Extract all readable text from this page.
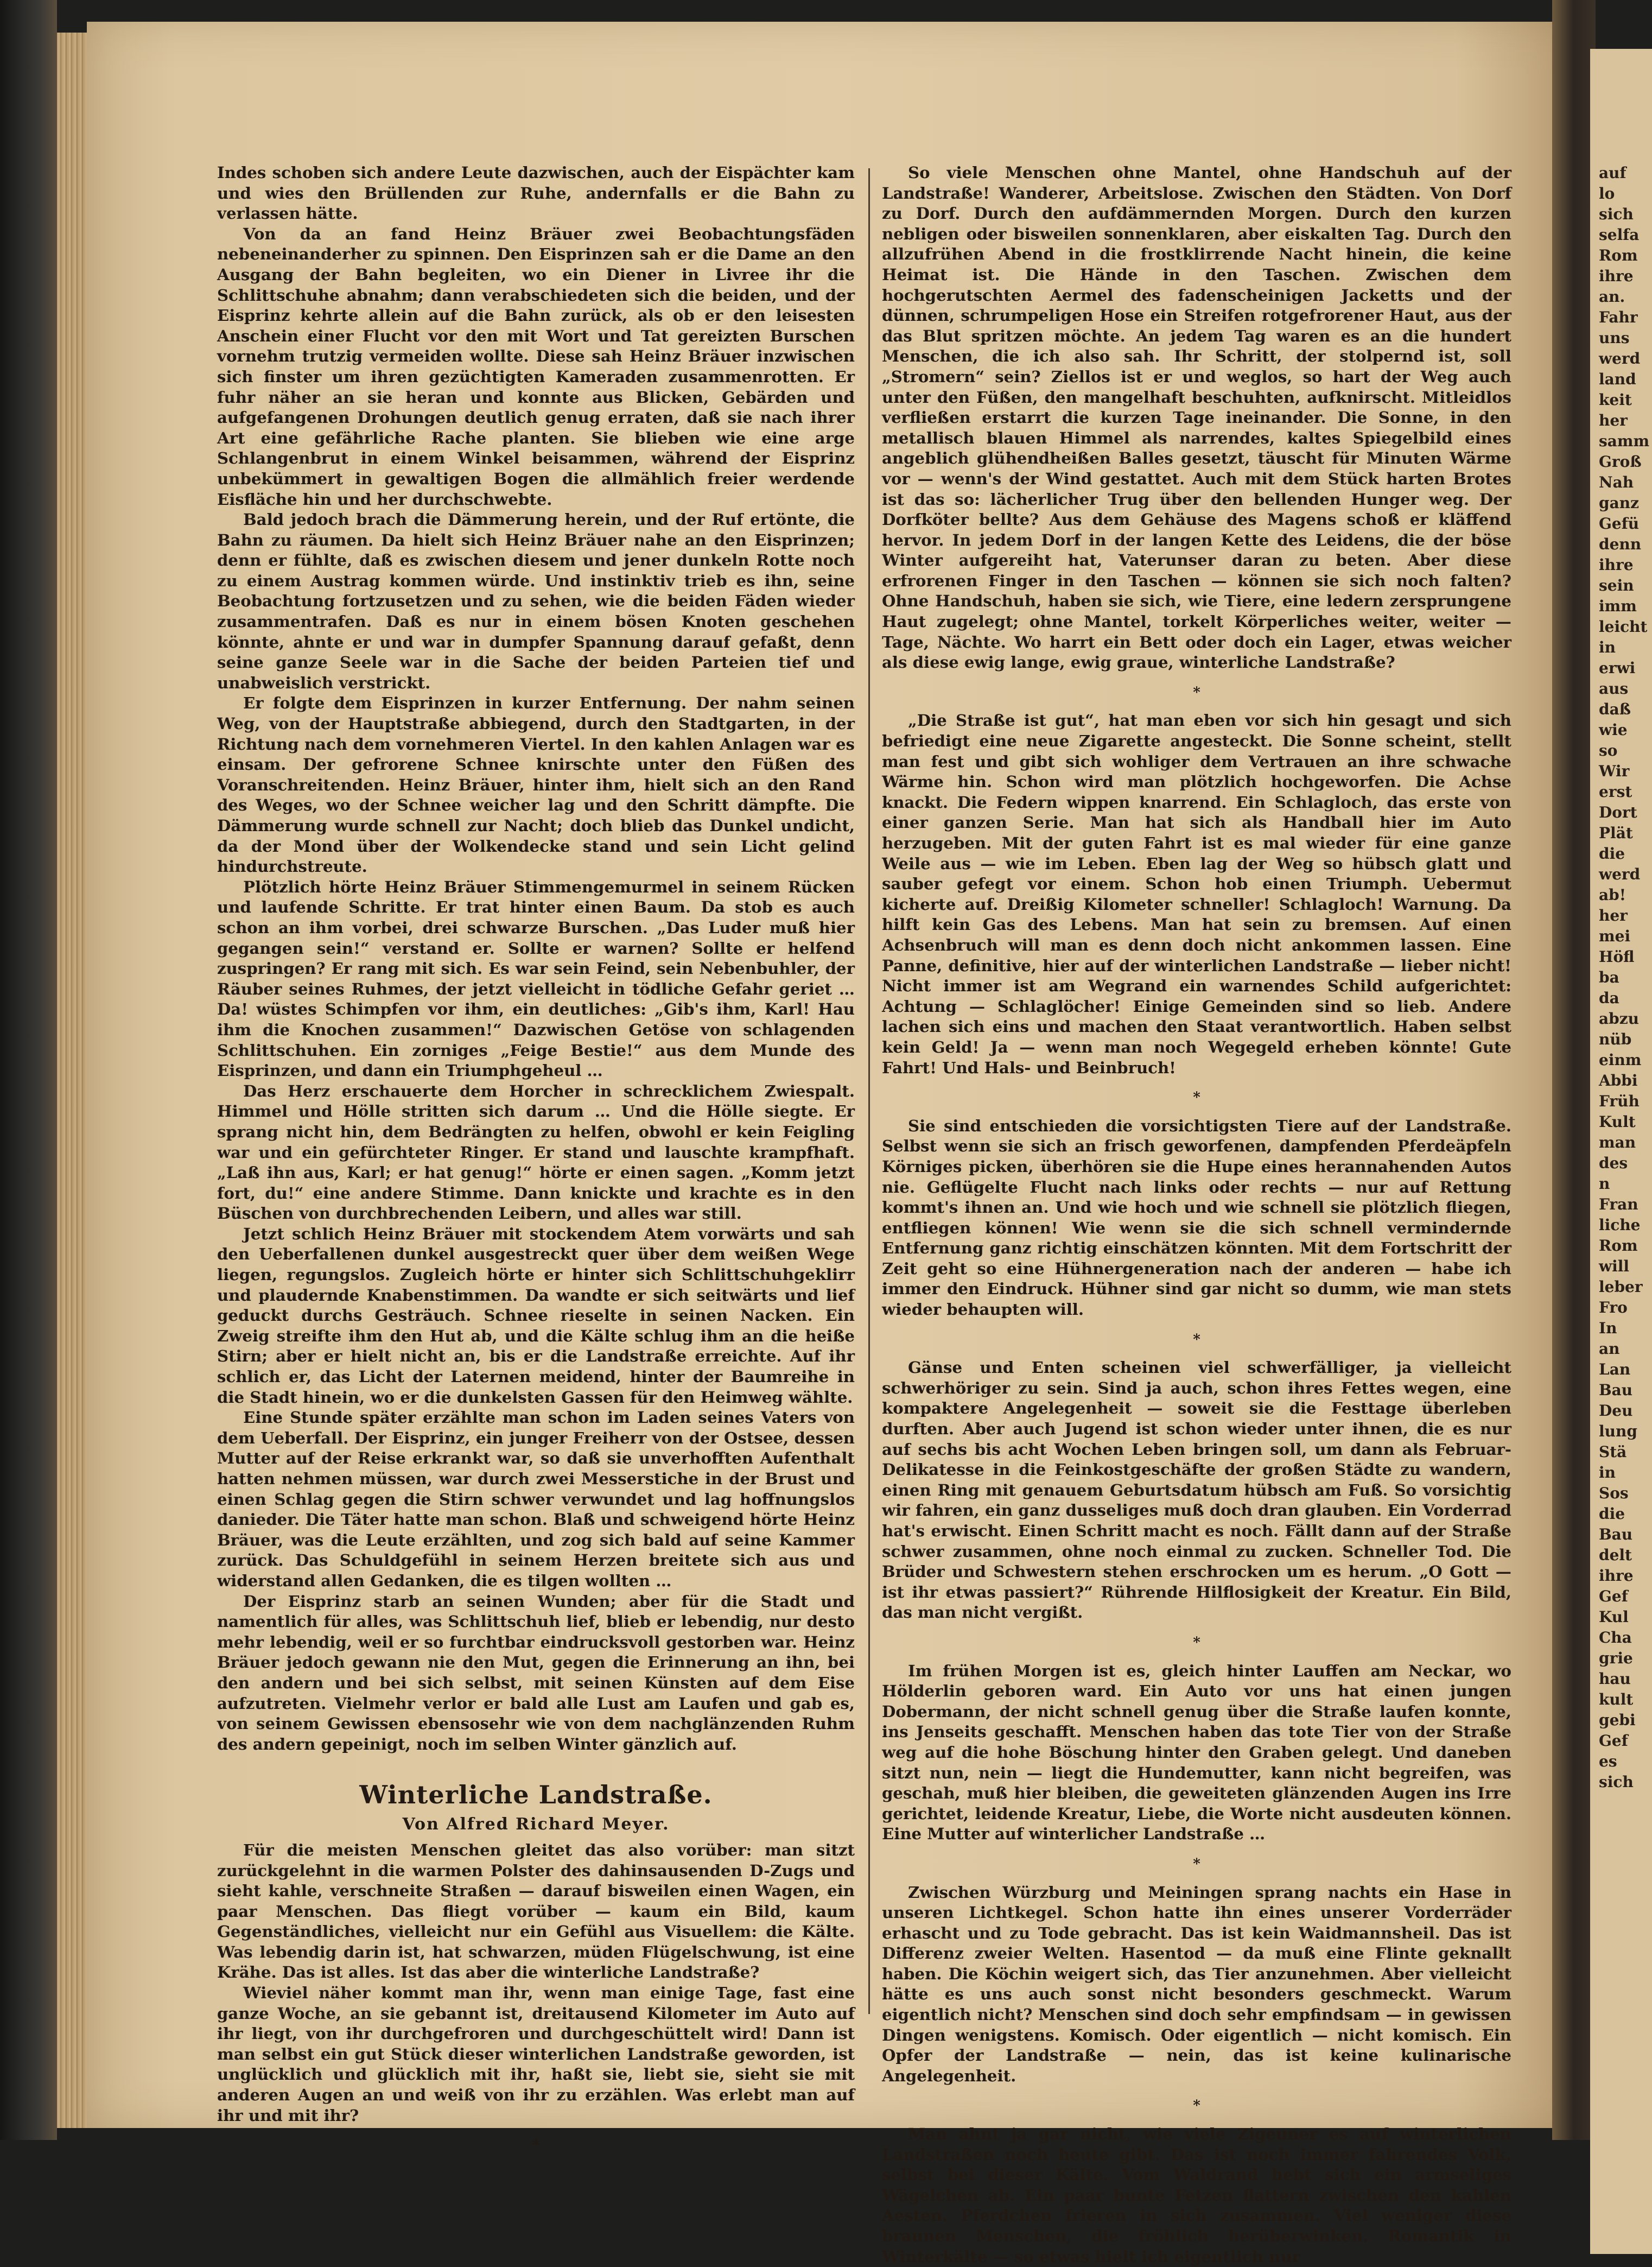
auf
lo
sich
selfa
Rom
ihre
an.
Fahr
uns
werd
land
keit
her
samm
Groß
Nah
ganz
Gefü
denn
ihre
sein
imm
leicht
in
erwi
aus
daß
wie
so
Wir
erst
Dort
Plät
die
werd
ab!
her
mei
Höfl
ba
da
abzu
nüb
einm
Abbi
Früh
Kult
man
des
n
Fran
liche
Rom
will
leber
Fro
In
an
Lan
Bau
Deu
lung
Stä
in
Sos
die
Bau
delt
ihre
Gef
Kul
Cha
grie
hau
kult
gebi
Gef
es
sich

Indes schoben sich andere Leute dazwischen, auch der Eispächter kam und wies den Brüllenden zur Ruhe, andernfalls er die Bahn zu verlassen hätte.

Von da an fand Heinz Bräuer zwei Beobachtungsfäden nebeneinanderher zu spinnen. Den Eisprinzen sah er die Dame an den Ausgang der Bahn begleiten, wo ein Diener in Livree ihr die Schlittschuhe abnahm; dann verabschiedeten sich die beiden, und der Eisprinz kehrte allein auf die Bahn zurück, als ob er den leisesten Anschein einer Flucht vor den mit Wort und Tat gereizten Burschen vornehm trutzig vermeiden wollte. Diese sah Heinz Bräuer inzwischen sich finster um ihren gezüchtigten Kameraden zusammenrotten. Er fuhr näher an sie heran und konnte aus Blicken, Gebärden und aufgefangenen Drohungen deutlich genug erraten, daß sie nach ihrer Art eine gefährliche Rache planten. Sie blieben wie eine arge Schlangenbrut in einem Winkel beisammen, während der Eisprinz unbekümmert in gewaltigen Bogen die allmählich freier werdende Eisfläche hin und her durchschwebte.

Bald jedoch brach die Dämmerung herein, und der Ruf ertönte, die Bahn zu räumen. Da hielt sich Heinz Bräuer nahe an den Eisprinzen; denn er fühlte, daß es zwischen diesem und jener dunkeln Rotte noch zu einem Austrag kommen würde. Und instinktiv trieb es ihn, seine Beobachtung fortzusetzen und zu sehen, wie die beiden Fäden wieder zusammentrafen. Daß es nur in einem bösen Knoten geschehen könnte, ahnte er und war in dumpfer Spannung darauf gefaßt, denn seine ganze Seele war in die Sache der beiden Parteien tief und unabweislich verstrickt.

Er folgte dem Eisprinzen in kurzer Entfernung. Der nahm seinen Weg, von der Hauptstraße abbiegend, durch den Stadtgarten, in der Richtung nach dem vornehmeren Viertel. In den kahlen Anlagen war es einsam. Der gefrorene Schnee knirschte unter den Füßen des Voranschreitenden. Heinz Bräuer, hinter ihm, hielt sich an den Rand des Weges, wo der Schnee weicher lag und den Schritt dämpfte. Die Dämmerung wurde schnell zur Nacht; doch blieb das Dunkel undicht, da der Mond über der Wolkendecke stand und sein Licht gelind hindurchstreute.

Plötzlich hörte Heinz Bräuer Stimmengemurmel in seinem Rücken und laufende Schritte. Er trat hinter einen Baum. Da stob es auch schon an ihm vorbei, drei schwarze Burschen. „Das Luder muß hier gegangen sein!“ verstand er. Sollte er warnen? Sollte er helfend zuspringen? Er rang mit sich. Es war sein Feind, sein Nebenbuhler, der Räuber seines Ruhmes, der jetzt vielleicht in tödliche Gefahr geriet … Da! wüstes Schimpfen vor ihm, ein deutliches: „Gib's ihm, Karl! Hau ihm die Knochen zusammen!“ Dazwischen Getöse von schlagenden Schlittschuhen. Ein zorniges „Feige Bestie!“ aus dem Munde des Eisprinzen, und dann ein Triumphgeheul …

Das Herz erschauerte dem Horcher in schrecklichem Zwiespalt. Himmel und Hölle stritten sich darum … Und die Hölle siegte. Er sprang nicht hin, dem Bedrängten zu helfen, obwohl er kein Feigling war und ein gefürchteter Ringer. Er stand und lauschte krampfhaft. „Laß ihn aus, Karl; er hat genug!“ hörte er einen sagen. „Komm jetzt fort, du!“ eine andere Stimme. Dann knickte und krachte es in den Büschen von durchbrechenden Leibern, und alles war still.

Jetzt schlich Heinz Bräuer mit stockendem Atem vorwärts und sah den Ueberfallenen dunkel ausgestreckt quer über dem weißen Wege liegen, regungslos. Zugleich hörte er hinter sich Schlittschuhgeklirr und plaudernde Knabenstimmen. Da wandte er sich seitwärts und lief geduckt durchs Gesträuch. Schnee rieselte in seinen Nacken. Ein Zweig streifte ihm den Hut ab, und die Kälte schlug ihm an die heiße Stirn; aber er hielt nicht an, bis er die Landstraße erreichte. Auf ihr schlich er, das Licht der Laternen meidend, hinter der Baumreihe in die Stadt hinein, wo er die dunkelsten Gassen für den Heimweg wählte.

Eine Stunde später erzählte man schon im Laden seines Vaters von dem Ueberfall. Der Eisprinz, ein junger Freiherr von der Ostsee, dessen Mutter auf der Reise erkrankt war, so daß sie unverhofften Aufenthalt hatten nehmen müssen, war durch zwei Messerstiche in der Brust und einen Schlag gegen die Stirn schwer verwundet und lag hoffnungslos danieder. Die Täter hatte man schon. Blaß und schweigend hörte Heinz Bräuer, was die Leute erzählten, und zog sich bald auf seine Kammer zurück. Das Schuldgefühl in seinem Herzen breitete sich aus und widerstand allen Gedanken, die es tilgen wollten …

Der Eisprinz starb an seinen Wunden; aber für die Stadt und namentlich für alles, was Schlittschuh lief, blieb er lebendig, nur desto mehr lebendig, weil er so furchtbar eindrucksvoll gestorben war. Heinz Bräuer jedoch gewann nie den Mut, gegen die Erinnerung an ihn, bei den andern und bei sich selbst, mit seinen Künsten auf dem Eise aufzutreten. Vielmehr verlor er bald alle Lust am Laufen und gab es, von seinem Gewissen ebensosehr wie von dem nachglänzenden Ruhm des andern gepeinigt, noch im selben Winter gänzlich auf.

Winterliche Landstraße.
Von Alfred Richard Meyer.

Für die meisten Menschen gleitet das also vorüber: man sitzt zurückgelehnt in die warmen Polster des dahinsausenden D-Zugs und sieht kahle, verschneite Straßen — darauf bisweilen einen Wagen, ein paar Menschen. Das fliegt vorüber — kaum ein Bild, kaum Gegenständliches, vielleicht nur ein Gefühl aus Visuellem: die Kälte. Was lebendig darin ist, hat schwarzen, müden Flügelschwung, ist eine Krähe. Das ist alles. Ist das aber die winterliche Landstraße?

Wieviel näher kommt man ihr, wenn man einige Tage, fast eine ganze Woche, an sie gebannt ist, dreitausend Kilometer im Auto auf ihr liegt, von ihr durchgefroren und durchgeschüttelt wird! Dann ist man selbst ein gut Stück dieser winterlichen Landstraße geworden, ist unglücklich und glücklich mit ihr, haßt sie, liebt sie, sieht sie mit anderen Augen an und weiß von ihr zu erzählen. Was erlebt man auf ihr und mit ihr?

*

So viele Menschen ohne Mantel, ohne Handschuh auf der Landstraße! Wanderer, Arbeitslose. Zwischen den Städten. Von Dorf zu Dorf. Durch den aufdämmernden Morgen. Durch den kurzen nebligen oder bisweilen sonnenklaren, aber eiskalten Tag. Durch den allzufrühen Abend in die frostklirrende Nacht hinein, die keine Heimat ist. Die Hände in den Taschen. Zwischen dem hochgerutschten Aermel des fadenscheinigen Jacketts und der dünnen, schrumpeligen Hose ein Streifen rotgefrorener Haut, aus der das Blut spritzen möchte. An jedem Tag waren es an die hundert Menschen, die ich also sah. Ihr Schritt, der stolpernd ist, soll „Stromern“ sein? Ziellos ist er und weglos, so hart der Weg auch unter den Füßen, den mangelhaft beschuhten, aufknirscht. Mitleidlos verfließen erstarrt die kurzen Tage ineinander. Die Sonne, in den metallisch blauen Himmel als narrendes, kaltes Spiegelbild eines angeblich glühendheißen Balles gesetzt, täuscht für Minuten Wärme vor — wenn's der Wind gestattet. Auch mit dem Stück harten Brotes ist das so: lächerlicher Trug über den bellenden Hunger weg. Der Dorfköter bellte? Aus dem Gehäuse des Magens schoß er kläffend hervor. In jedem Dorf in der langen Kette des Leidens, die der böse Winter aufgereiht hat, Vaterunser daran zu beten. Aber diese erfrorenen Finger in den Taschen — können sie sich noch falten? Ohne Handschuh, haben sie sich, wie Tiere, eine ledern zersprungene Haut zugelegt; ohne Mantel, torkelt Körperliches weiter, weiter — Tage, Nächte. Wo harrt ein Bett oder doch ein Lager, etwas weicher als diese ewig lange, ewig graue, winterliche Landstraße?

*

„Die Straße ist gut“, hat man eben vor sich hin gesagt und sich befriedigt eine neue Zigarette angesteckt. Die Sonne scheint, stellt man fest und gibt sich wohliger dem Vertrauen an ihre schwache Wärme hin. Schon wird man plötzlich hochgeworfen. Die Achse knackt. Die Federn wippen knarrend. Ein Schlagloch, das erste von einer ganzen Serie. Man hat sich als Handball hier im Auto herzugeben. Mit der guten Fahrt ist es mal wieder für eine ganze Weile aus — wie im Leben. Eben lag der Weg so hübsch glatt und sauber gefegt vor einem. Schon hob einen Triumph. Uebermut kicherte auf. Dreißig Kilometer schneller! Schlagloch! Warnung. Da hilft kein Gas des Lebens. Man hat sein zu bremsen. Auf einen Achsenbruch will man es denn doch nicht ankommen lassen. Eine Panne, definitive, hier auf der winterlichen Landstraße — lieber nicht! Nicht immer ist am Wegrand ein warnendes Schild aufgerichtet: Achtung — Schlaglöcher! Einige Gemeinden sind so lieb. Andere lachen sich eins und machen den Staat verantwortlich. Haben selbst kein Geld! Ja — wenn man noch Wegegeld erheben könnte! Gute Fahrt! Und Hals- und Beinbruch!

*

Sie sind entschieden die vorsichtigsten Tiere auf der Landstraße. Selbst wenn sie sich an frisch geworfenen, dampfenden Pferdeäpfeln Körniges picken, überhören sie die Hupe eines herannahenden Autos nie. Geflügelte Flucht nach links oder rechts — nur auf Rettung kommt's ihnen an. Und wie hoch und wie schnell sie plötzlich fliegen, entfliegen können! Wie wenn sie die sich schnell vermindernde Entfernung ganz richtig einschätzen könnten. Mit dem Fortschritt der Zeit geht so eine Hühnergeneration nach der anderen — habe ich immer den Eindruck. Hühner sind gar nicht so dumm, wie man stets wieder behaupten will.

*

Gänse und Enten scheinen viel schwerfälliger, ja vielleicht schwerhöriger zu sein. Sind ja auch, schon ihres Fettes wegen, eine kompaktere Angelegenheit — soweit sie die Festtage überleben durften. Aber auch Jugend ist schon wieder unter ihnen, die es nur auf sechs bis acht Wochen Leben bringen soll, um dann als Februar-Delikatesse in die Feinkostgeschäfte der großen Städte zu wandern, einen Ring mit genauem Geburtsdatum hübsch am Fuß. So vorsichtig wir fahren, ein ganz dusseliges muß doch dran glauben. Ein Vorderrad hat's erwischt. Einen Schritt macht es noch. Fällt dann auf der Straße schwer zusammen, ohne noch einmal zu zucken. Schneller Tod. Die Brüder und Schwestern stehen erschrocken um es herum. „O Gott — ist ihr etwas passiert?“ Rührende Hilflosigkeit der Kreatur. Ein Bild, das man nicht vergißt.

*

Im frühen Morgen ist es, gleich hinter Lauffen am Neckar, wo Hölderlin geboren ward. Ein Auto vor uns hat einen jungen Dobermann, der nicht schnell genug über die Straße laufen konnte, ins Jenseits geschafft. Menschen haben das tote Tier von der Straße weg auf die hohe Böschung hinter den Graben gelegt. Und daneben sitzt nun, nein — liegt die Hundemutter, kann nicht begreifen, was geschah, muß hier bleiben, die geweiteten glänzenden Augen ins Irre gerichtet, leidende Kreatur, Liebe, die Worte nicht ausdeuten können. Eine Mutter auf winterlicher Landstraße …

*

Zwischen Würzburg und Meiningen sprang nachts ein Hase in unseren Lichtkegel. Schon hatte ihn eines unserer Vorderräder erhascht und zu Tode gebracht. Das ist kein Waidmannsheil. Das ist Differenz zweier Welten. Hasentod — da muß eine Flinte geknallt haben. Die Köchin weigert sich, das Tier anzunehmen. Aber vielleicht hätte es uns auch sonst nicht besonders geschmeckt. Warum eigentlich nicht? Menschen sind doch sehr empfindsam — in gewissen Dingen wenigstens. Komisch. Oder eigentlich — nicht komisch. Ein Opfer der Landstraße — nein, das ist keine kulinarische Angelegenheit.

*

Man ahnt ja gar nicht, wie viele Zigeuner es auf winterlichen Landstraßen noch heute gibt. Das ist noch immer fahrendes Volk, selbst bei dieser Kälte. Vom Waldrand hebt sich ein armseliges Wägelchen ab. Ein paar bunte Fetzen flattern zwischen den kahlen Aesten. Pferdchen frieren in sich zusammen. Viel weniger diese braunen Menschen, die fröhlich herüberwinken. Romantik in Winterkälte — so etwas hielt ich eigentlich nur
